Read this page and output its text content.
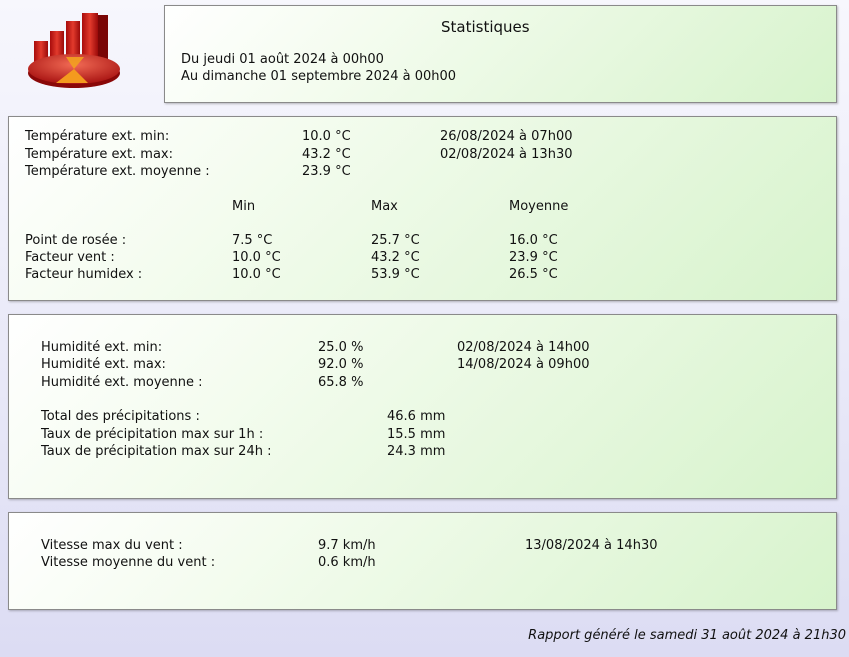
Statistiques
Du jeudi 01 août 2024 à 00h00
Au dimanche 01 septembre 2024 à 00h00
Température ext. min:	10.0 °C	26/08/2024 à 07h00
Température ext. max:	43.2 °C	02/08/2024 à 13h30
Température ext. moyenne :	23.9 °C
Min	Max	Moyenne
Point de rosée :	7.5 °C	25.7 °C	16.0 °C
Facteur vent :	10.0 °C	43.2 °C	23.9 °C
Facteur humidex :	10.0 °C	53.9 °C	26.5 °C
Humidité ext. min:	25.0 %	02/08/2024 à 14h00
Humidité ext. max:	92.0 %	14/08/2024 à 09h00
Humidité ext. moyenne :	65.8 %
Total des précipitations :	46.6 mm
Taux de précipitation max sur 1h :	15.5 mm
Taux de précipitation max sur 24h :	24.3 mm
Vitesse max du vent :	9.7 km/h	13/08/2024 à 14h30
Vitesse moyenne du vent :	0.6 km/h
Rapport généré le samedi 31 août 2024 à 21h30
